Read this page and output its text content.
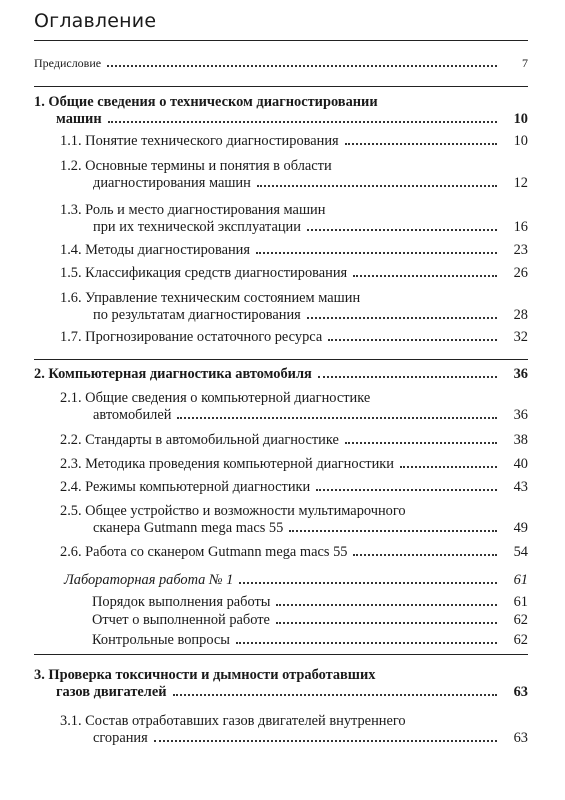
Оглавление
Предисловие	7
1. Общие сведения о техническом диагностировании
машин	10
1.1. Понятие технического диагностирования	10
1.2. Основные термины и понятия в области
диагностирования машин	12
1.3. Роль и место диагностирования машин
при их технической эксплуатации	16
1.4. Методы диагностирования	23
1.5. Классификация средств диагностирования	26
1.6. Управление техническим состоянием машин
по результатам диагностирования	28
1.7. Прогнозирование остаточного ресурса	32
2. Компьютерная диагностика автомобиля	36
2.1. Общие сведения о компьютерной диагностике
автомобилей	36
2.2. Стандарты в автомобильной диагностике	38
2.3. Методика проведения компьютерной диагностики	40
2.4. Режимы компьютерной диагностики	43
2.5. Общее устройство и возможности мультимарочного
сканера Gutmann mega macs 55	49
2.6. Работа со сканером Gutmann mega macs 55	54
Лабораторная работа № 1	61
Порядок выполнения работы	61
Отчет о выполненной работе	62
Контрольные вопросы	62
3. Проверка токсичности и дымности отработавших
газов двигателей	63
3.1. Состав отработавших газов двигателей внутреннего
сгорания	63
